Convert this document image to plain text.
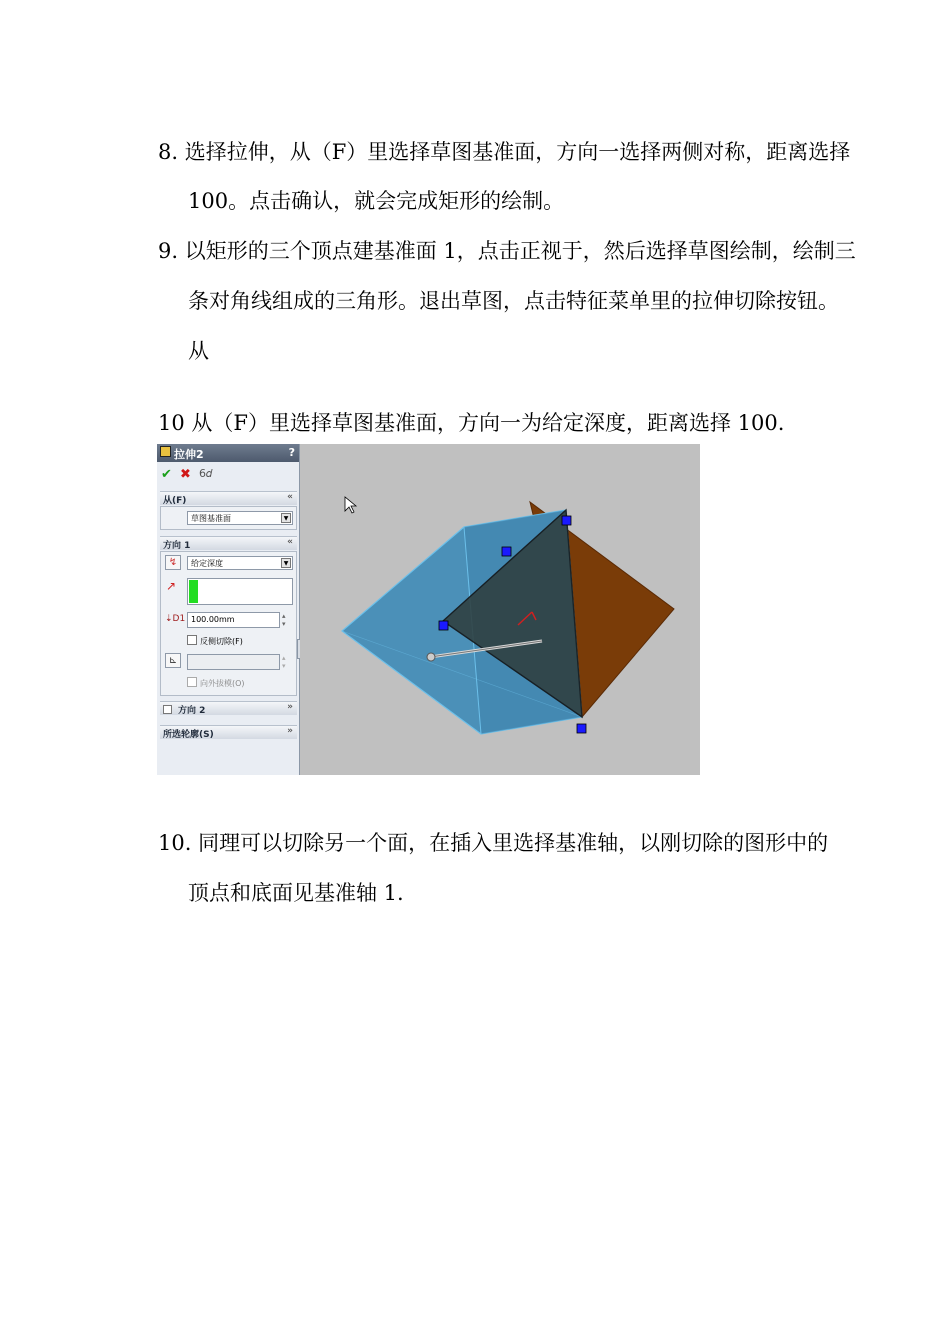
8. 选择拉伸，从（F）里选择草图基准面，方向一选择两侧对称，距离选择
100。点击确认，就会完成矩形的绘制。
9. 以矩形的三个顶点建基准面 1，点击正视于，然后选择草图绘制，绘制三
条对角线组成的三角形。退出草图，点击特征菜单里的拉伸切除按钮。
从
10 从（F）里选择草图基准面，方向一为给定深度，距离选择 100.
拉伸2	?
✔ ✖ 6𝑑
从(F)	«
草图基准面	▼
方向 1	«
↯	给定深度	▼
↗
⇣D1 100.00mm	▴
▾
反侧切除(F)
⊾	▴
▾
向外拔模(O)
方向 2	»
所选轮廓(S)	»
10. 同理可以切除另一个面，在插入里选择基准轴，以刚切除的图形中的
顶点和底面见基准轴 1.
